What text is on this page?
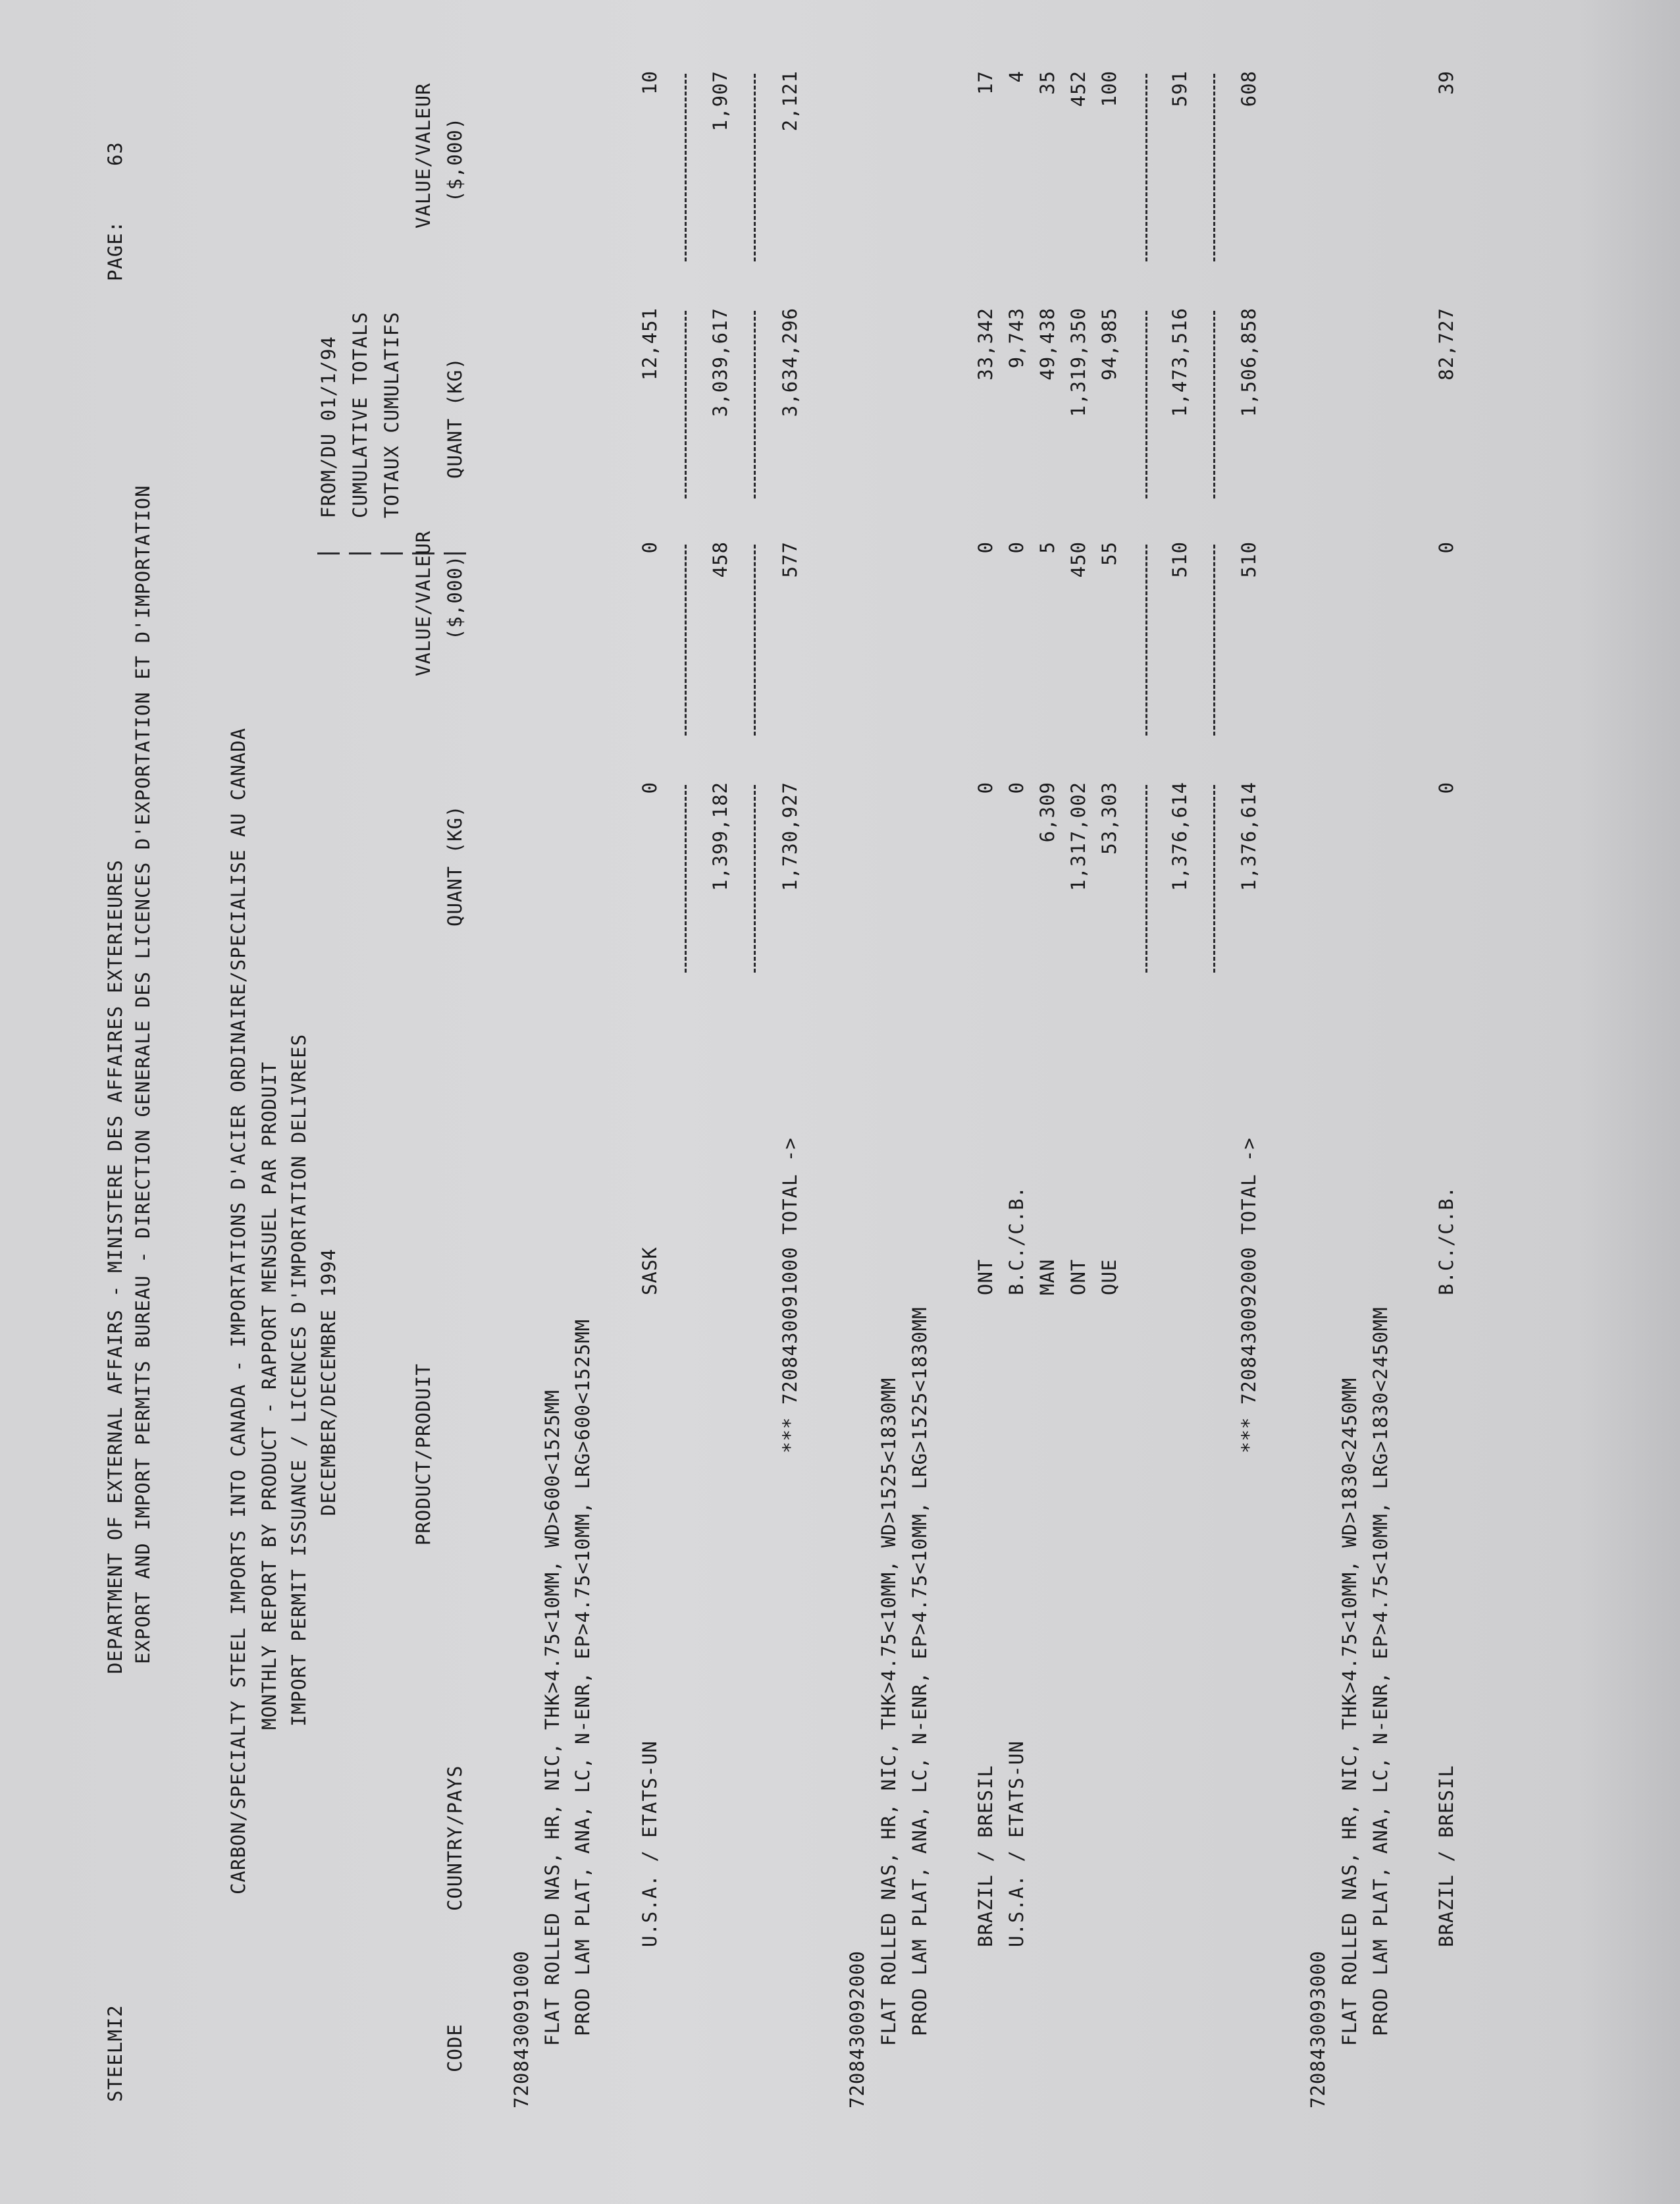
STEELMI2
DEPARTMENT OF EXTERNAL AFFAIRS - MINISTERE DES AFFAIRES EXTERIEURES EXPORT AND IMPORT PERMITS BUREAU - DIRECTION GENERALE DES LICENCES D'EXPORTATION ET D'IMPORTATION
PAGE:
63
CARBON/SPECIALTY STEEL IMPORTS INTO CANADA - IMPORTATIONS D'ACIER ORDINAIRE/SPECIALISE AU CANADA MONTHLY REPORT BY PRODUCT - RAPPORT MENSUEL PAR PRODUIT IMPORT PERMIT ISSUANCE / LICENCES D'IMPORTATION DELIVREES DECEMBER/DECEMBRE 1994
FROM/DU 01/1/94 CUMULATIVE TOTALS TOTAUX CUMULATIFS
PRODUCT/PRODUIT
VALUE/VALEUR
VALUE/VALEUR
CODE
COUNTRY/PAYS
QUANT (KG)
($,000)
QUANT (KG)
($,000)
7208430091000 FLAT ROLLED NAS, HR, NIC, THK>4.75<10MM, WD>600<1525MM PROD LAM PLAT, ANA, LC, N-ENR, EP>4.75<10MM, LRG>600<1525MM U.S.A. / ETATS-UN
SASK
0
0
12,451
10
1,399,182
458
3,039,617
1,907
*** 7208430091000 TOTAL ->
1,730,927
577
3,634,296
2,121
7208430092000 FLAT ROLLED NAS, HR, NIC, THK>4.75<10MM, WD>1525<1830MM PROD LAM PLAT, ANA, LC, N-ENR, EP>4.75<10MM, LRG>1525<1830MM BRAZIL / BRESIL
ONT
0
0
33,342
17
U.S.A. / ETATS-UN
B.C./C.B.
0
0
9,743
4
MAN
6,309
5
49,438
35
ONT
1,317,002
450
1,319,350
452
QUE
53,303
55
94,985
100
1,376,614
510
1,473,516
591
*** 7208430092000 TOTAL ->
1,376,614
510
1,506,858
608
7208430093000 FLAT ROLLED NAS, HR, NIC, THK>4.75<10MM, WD>1830<2450MM PROD LAM PLAT, ANA, LC, N-ENR, EP>4.75<10MM, LRG>1830<2450MM BRAZIL / BRESIL
B.C./C.B.
0
0
82,727
39
